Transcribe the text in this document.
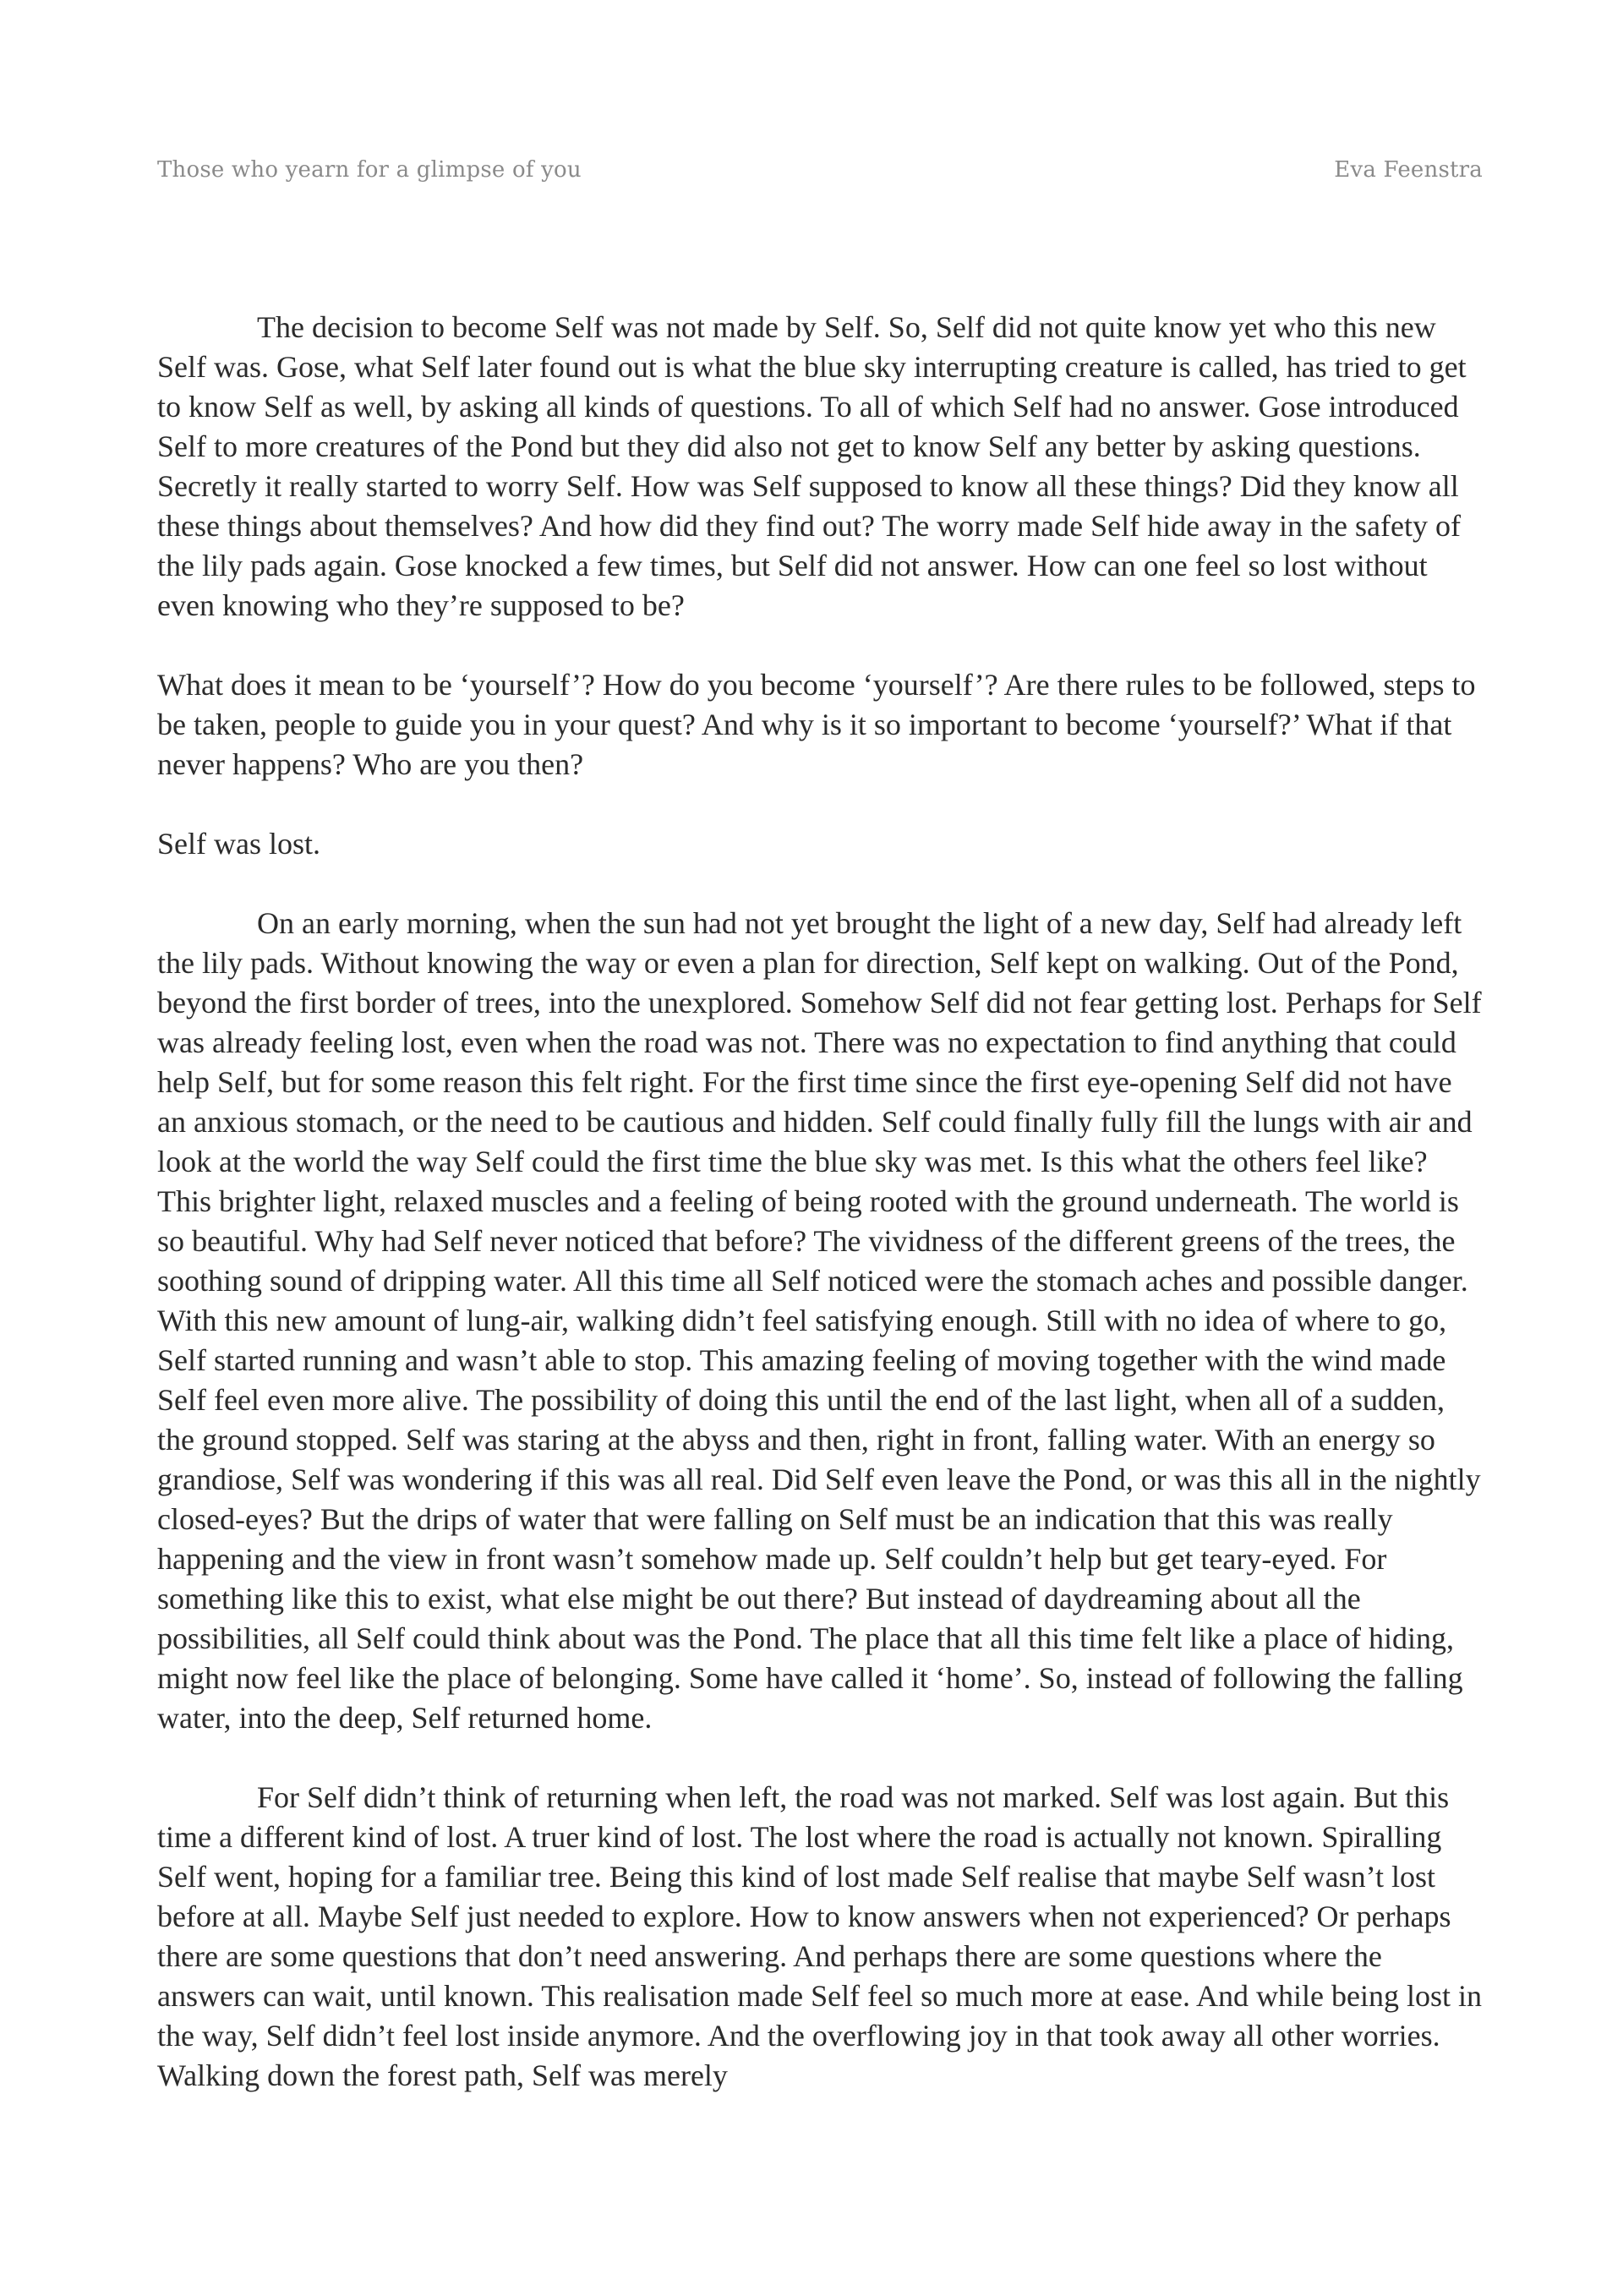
Those who yearn for a glimpse of you	Eva Feenstra

The decision to become Self was not made by Self. So, Self did not quite know yet who this new Self was. Gose, what Self later found out is what the blue sky interrupting creature is called, has tried to get to know Self as well, by asking all kinds of questions. To all of which Self had no answer. Gose introduced Self to more creatures of the Pond but they did also not get to know Self any better by asking questions. Secretly it really started to worry Self. How was Self supposed to know all these things? Did they know all these things about themselves? And how did they find out? The worry made Self hide away in the safety of the lily pads again. Gose knocked a few times, but Self did not answer. How can one feel so lost without even knowing who they’re supposed to be?

What does it mean to be ‘yourself’? How do you become ‘yourself’? Are there rules to be followed, steps to be taken, people to guide you in your quest? And why is it so important to become ‘yourself?’ What if that never happens? Who are you then?

Self was lost.

On an early morning, when the sun had not yet brought the light of a new day, Self had already left the lily pads. Without knowing the way or even a plan for direction, Self kept on walking. Out of the Pond, beyond the first border of trees, into the unexplored. Somehow Self did not fear getting lost. Perhaps for Self was already feeling lost, even when the road was not. There was no expectation to find anything that could help Self, but for some reason this felt right. For the first time since the first eye-opening Self did not have an anxious stomach, or the need to be cautious and hidden. Self could finally fully fill the lungs with air and look at the world the way Self could the first time the blue sky was met. Is this what the others feel like? This brighter light, relaxed muscles and a feeling of being rooted with the ground underneath. The world is so beautiful. Why had Self never noticed that before? The vividness of the different greens of the trees, the soothing sound of dripping water. All this time all Self noticed were the stomach aches and possible danger. With this new amount of lung-air, walking didn’t feel satisfying enough. Still with no idea of where to go, Self started running and wasn’t able to stop. This amazing feeling of moving together with the wind made Self feel even more alive. The possibility of doing this until the end of the last light, when all of a sudden, the ground stopped. Self was staring at the abyss and then, right in front, falling water. With an energy so grandiose, Self was wondering if this was all real. Did Self even leave the Pond, or was this all in the nightly closed-eyes? But the drips of water that were falling on Self must be an indication that this was really happening and the view in front wasn’t somehow made up. Self couldn’t help but get teary-eyed. For something like this to exist, what else might be out there? But instead of daydreaming about all the possibilities, all Self could think about was the Pond. The place that all this time felt like a place of hiding, might now feel like the place of belonging. Some have called it ‘home’. So, instead of following the falling water, into the deep, Self returned home.

For Self didn’t think of returning when left, the road was not marked. Self was lost again. But this time a different kind of lost. A truer kind of lost. The lost where the road is actually not known. Spiralling Self went, hoping for a familiar tree. Being this kind of lost made Self realise that maybe Self wasn’t lost before at all. Maybe Self just needed to explore. How to know answers when not experienced? Or perhaps there are some questions that don’t need answering. And perhaps there are some questions where the answers can wait, until known. This realisation made Self feel so much more at ease. And while being lost in the way, Self didn’t feel lost inside anymore. And the overflowing joy in that took away all other worries. Walking down the forest path, Self was merely
